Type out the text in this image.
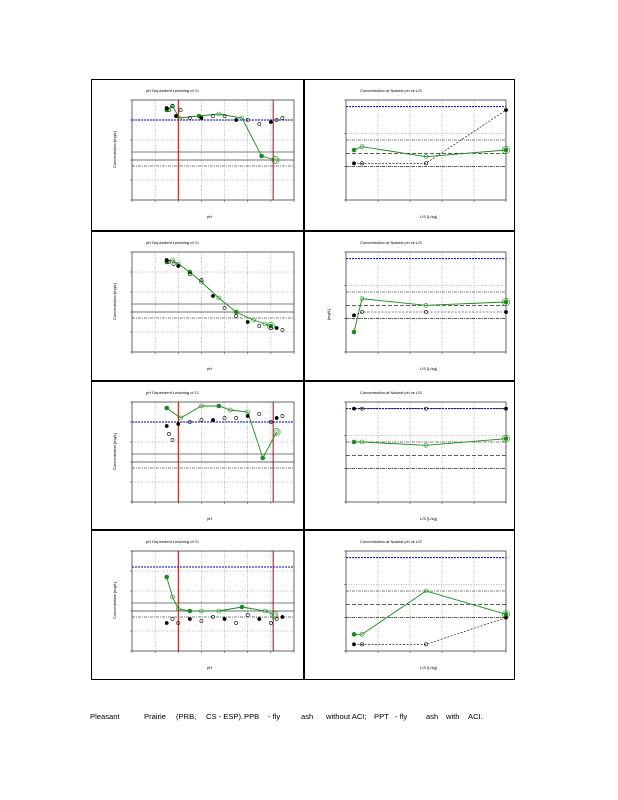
pH Dependent Leaching of Cl
pH
Concentration [mg/L]
Concentration at Natural pH vs L/S
L/S [L/kg]
pH Dependent Leaching of Cl
pH
Concentration [mg/L]
Concentration at Natural pH vs L/S
L/S [L/kg]
[mg/L]
pH Dependent Leaching of Cl
pH
Concentration [mg/L]
Concentration at Natural pH vs L/S
L/S [L/kg]
pH Dependent Leaching of Cl
pH
Concentration [mg/L]
Concentration at Natural pH vs L/S
L/S [L/kg]
Pleasant	Prairie (PRB, CS - ESP). PPB - fly	ash without ACI; PPT - fly ash with ACI.
